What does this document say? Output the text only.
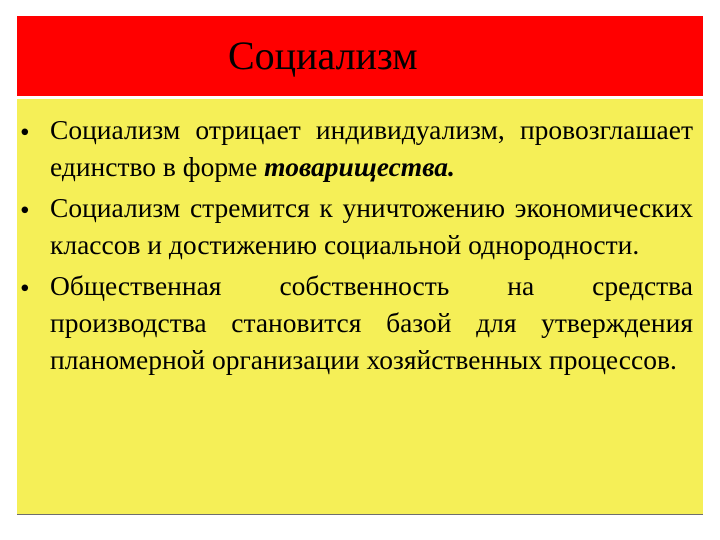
Социализм
• Социализм отрицает индивидуализм, провозглашает единство в форме товарищества.
• Социализм стремится к уничтожению экономических классов и достижению социальной однородности.
• Общественная собственность на средства производства становится базой для утверждения планомерной организации хозяйственных процессов.
